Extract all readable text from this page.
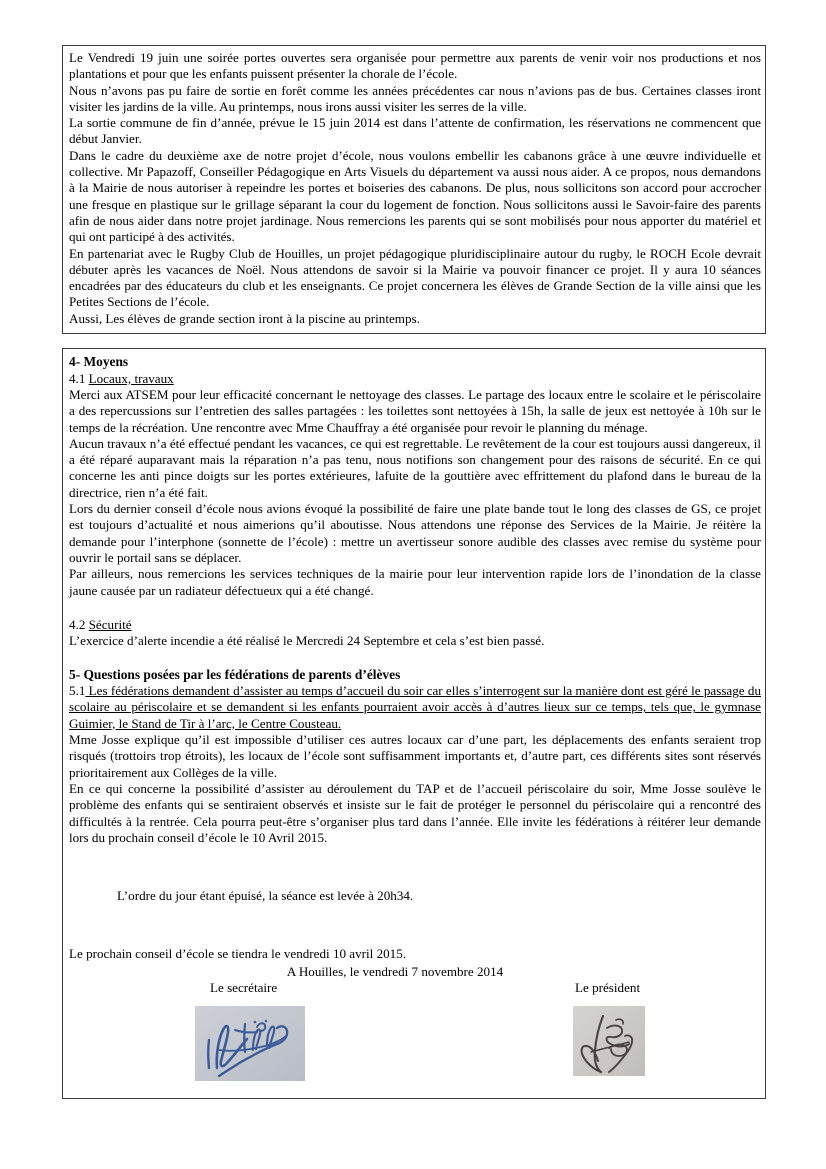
Le Vendredi 19 juin une soirée portes ouvertes sera organisée pour permettre aux parents de venir voir nos productions et nos plantations et pour que les enfants puissent présenter la chorale de l’école.

Nous n’avons pas pu faire de sortie en forêt comme les années précédentes car nous n’avions pas de bus. Certaines classes iront visiter les jardins de la ville. Au printemps, nous irons aussi visiter les serres de la ville.

La sortie commune de fin d’année, prévue le 15 juin 2014 est dans l’attente de confirmation, les réservations ne commencent que début Janvier.

Dans le cadre du deuxième axe de notre projet d’école, nous voulons embellir les cabanons grâce à une œuvre individuelle et collective. Mr Papazoff, Conseiller Pédagogique en Arts Visuels du département va aussi nous aider. A ce propos, nous demandons à la Mairie de nous autoriser à repeindre les portes et boiseries des cabanons. De plus, nous sollicitons son accord pour accrocher une fresque en plastique sur le grillage séparant la cour du logement de fonction. Nous sollicitons aussi le Savoir-faire des parents afin de nous aider dans notre projet jardinage. Nous remercions les parents qui se sont mobilisés pour nous apporter du matériel et qui ont participé à des activités.

En partenariat avec le Rugby Club de Houilles, un projet pédagogique pluridisciplinaire autour du rugby, le ROCH Ecole devrait débuter après les vacances de Noël. Nous attendons de savoir si la Mairie va pouvoir financer ce projet. Il y aura 10 séances encadrées par des éducateurs du club et les enseignants. Ce projet concernera les élèves de Grande Section de la ville ainsi que les Petites Sections de l’école.

Aussi, Les élèves de grande section iront à la piscine au printemps.

4- Moyens

4.1 Locaux, travaux

Merci aux ATSEM pour leur efficacité concernant le nettoyage des classes. Le partage des locaux entre le scolaire et le périscolaire a des repercussions sur l’entretien des salles partagées : les toilettes sont nettoyées à 15h, la salle de jeux est nettoyée à 10h sur le temps de la récréation. Une rencontre avec Mme Chauffray a été organisée pour revoir le planning du ménage.

Aucun travaux n’a été effectué pendant les vacances, ce qui est regrettable. Le revêtement de la cour est toujours aussi dangereux, il a été réparé auparavant mais la réparation n’a pas tenu, nous notifions son changement pour des raisons de sécurité. En ce qui concerne les anti pince doigts sur les portes extérieures, lafuite de la gouttière avec effrittement du plafond dans le bureau de la directrice, rien n’a été fait.

Lors du dernier conseil d’école nous avions évoqué la possibilité de faire une plate bande tout le long des classes de GS, ce projet est toujours d’actualité et nous aimerions qu’il aboutisse. Nous attendons une réponse des Services de la Mairie. Je réitère la demande pour l’interphone (sonnette de l’école) : mettre un avertisseur sonore audible des classes avec remise du système pour ouvrir le portail sans se déplacer.

Par ailleurs, nous remercions les services techniques de la mairie pour leur intervention rapide lors de l’inondation de la classe jaune causée par un radiateur défectueux qui a été changé.

4.2 Sécurité

L’exercice d’alerte incendie a été réalisé le Mercredi 24 Septembre et cela s’est bien passé.

5- Questions posées par les fédérations de parents d’élèves

5.1 Les fédérations demandent d’assister au temps d’accueil du soir car elles s’interrogent sur la manière dont est géré le passage du scolaire au périscolaire et se demandent si les enfants pourraient avoir accès à d’autres lieux sur ce temps, tels que, le gymnase Guimier, le Stand de Tir à l’arc, le Centre Cousteau.

Mme Josse explique qu’il est impossible d’utiliser ces autres locaux car d’une part, les déplacements des enfants seraient trop risqués (trottoirs trop étroits), les locaux de l’école sont suffisamment importants et, d’autre part, ces différents sites sont réservés prioritairement aux Collèges de la ville.

En ce qui concerne la possibilité d’assister au déroulement du TAP et de l’accueil périscolaire du soir, Mme Josse soulève le problème des enfants qui se sentiraient observés et insiste sur le fait de protéger le personnel du périscolaire qui a rencontré des difficultés à la rentrée. Cela pourra peut-être s’organiser plus tard dans l’année. Elle invite les fédérations à réitérer leur demande lors du prochain conseil d’école le 10 Avril 2015.

L’ordre du jour étant épuisé, la séance est levée à 20h34.

Le prochain conseil d’école se tiendra le vendredi 10 avril 2015.

A Houilles, le vendredi 7 novembre 2014

Le secrétaire	Le président
